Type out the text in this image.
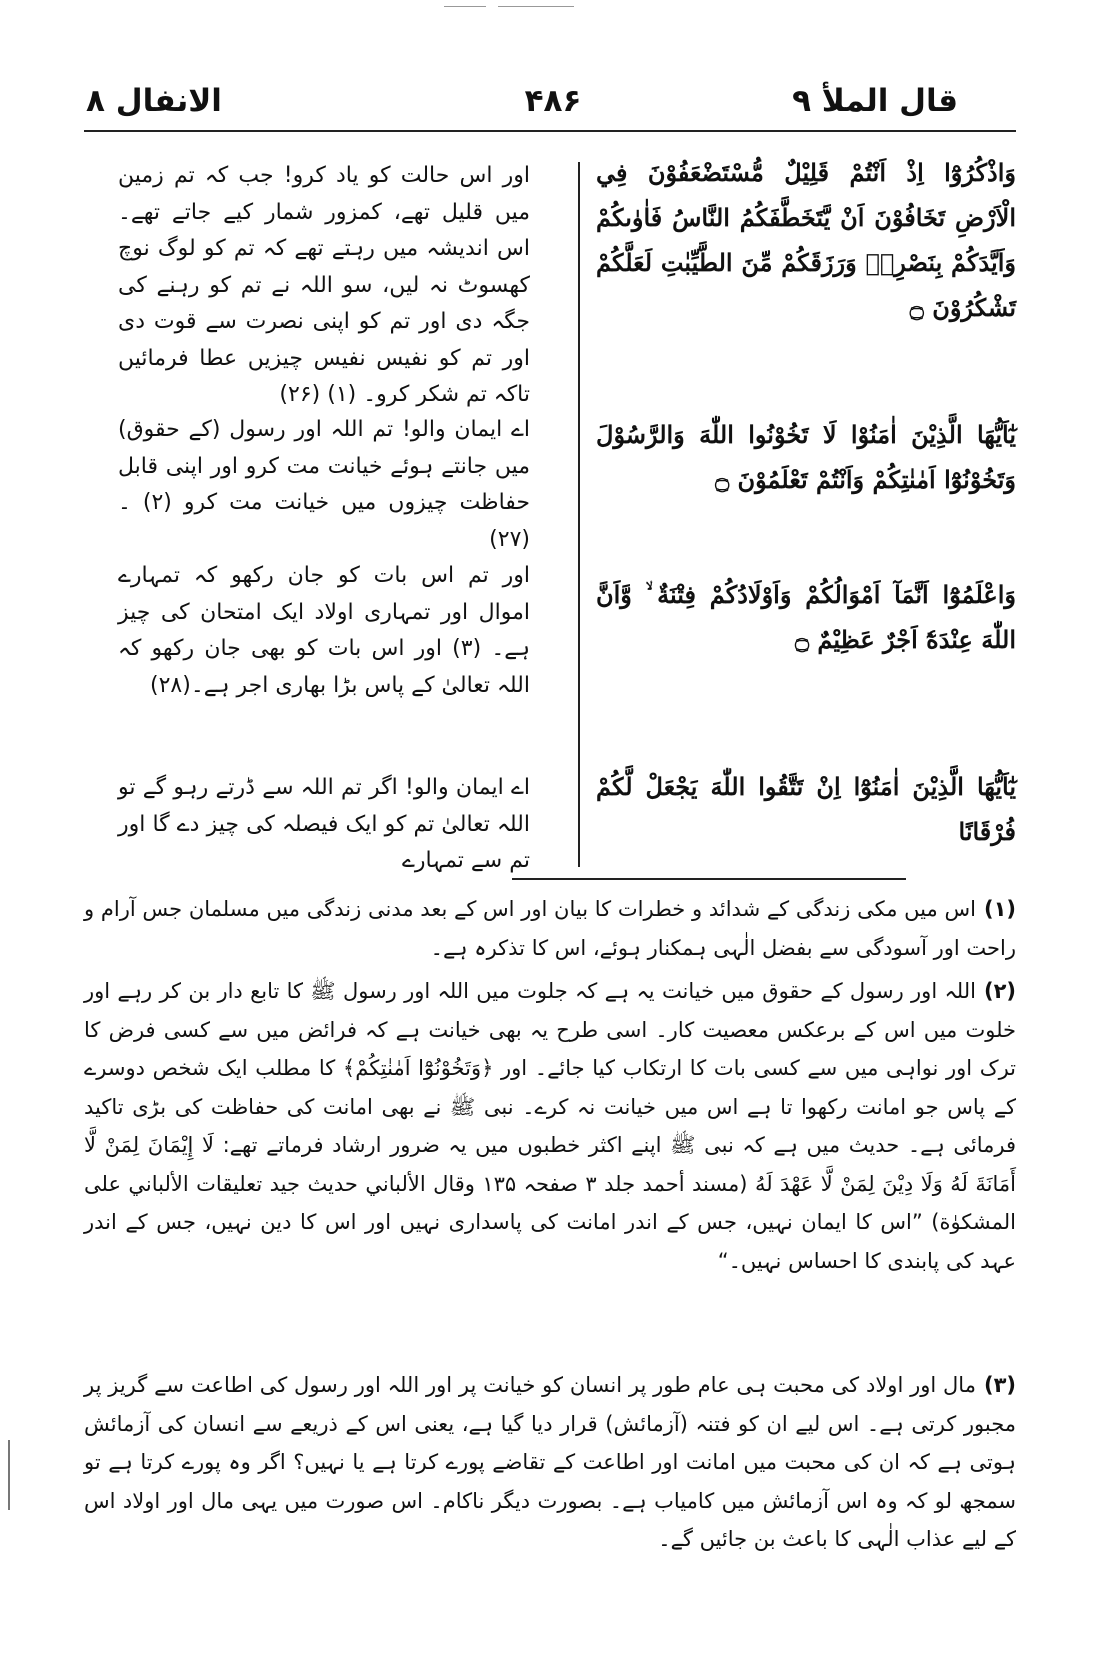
الانفال ۸	۴۸۶	قال الملأ ۹
وَاذْكُرُوْٓا اِذْ اَنْتُمْ قَلِيْلٌ مُّسْتَضْعَفُوْنَ فِي الْاَرْضِ تَخَافُوْنَ اَنْ يَّتَخَطَّفَكُمُ النَّاسُ فَاٰوٰىكُمْ وَاَيَّدَكُمْ بِنَصْرِهٖ وَرَزَقَكُمْ مِّنَ الطَّيِّبٰتِ لَعَلَّكُمْ تَشْكُرُوْنَ ۝
اور اس حالت کو یاد کرو! جب کہ تم زمین میں قلیل تھے، کمزور شمار کیے جاتے تھے۔ اس اندیشہ میں رہتے تھے کہ تم کو لوگ نوچ کھسوٹ نہ لیں، سو اللہ نے تم کو رہنے کی جگہ دی اور تم کو اپنی نصرت سے قوت دی اور تم کو نفیس نفیس چیزیں عطا فرمائیں تاکہ تم شکر کرو۔ (۱) (۲۶)
يٰٓاَيُّهَا الَّذِيْنَ اٰمَنُوْا لَا تَخُوْنُوا اللّٰهَ وَالرَّسُوْلَ وَتَخُوْنُوْٓا اَمٰنٰتِكُمْ وَاَنْتُمْ تَعْلَمُوْنَ ۝
اے ایمان والو! تم اللہ اور رسول (کے حقوق) میں جانتے ہوئے خیانت مت کرو اور اپنی قابل حفاظت چیزوں میں خیانت مت کرو (۲) ۔(۲۷)
وَاعْلَمُوْٓا اَنَّمَآ اَمْوَالُكُمْ وَاَوْلَادُكُمْ فِتْنَةٌ ۙ وَّاَنَّ اللّٰهَ عِنْدَهٗٓ اَجْرٌ عَظِيْمٌ ۝
اور تم اس بات کو جان رکھو کہ تمہارے اموال اور تمہاری اولاد ایک امتحان کی چیز ہے۔ (۳) اور اس بات کو بھی جان رکھو کہ اللہ تعالیٰ کے پاس بڑا بھاری اجر ہے۔(۲۸)
يٰٓاَيُّهَا الَّذِيْنَ اٰمَنُوْٓا اِنْ تَتَّقُوا اللّٰهَ يَجْعَلْ لَّكُمْ فُرْقَانًا
اے ایمان والو! اگر تم اللہ سے ڈرتے رہو گے تو اللہ تعالیٰ تم کو ایک فیصلہ کی چیز دے گا اور تم سے تمہارے
(۱)اس میں مکی زندگی کے شدائد و خطرات کا بیان اور اس کے بعد مدنی زندگی میں مسلمان جس آرام و راحت اور آسودگی سے بفضل الٰہی ہمکنار ہوئے، اس کا تذکرہ ہے۔
(۲)اللہ اور رسول کے حقوق میں خیانت یہ ہے کہ جلوت میں اللہ اور رسول ﷺ کا تابع دار بن کر رہے اور خلوت میں اس کے برعکس معصیت کار۔ اسی طرح یہ بھی خیانت ہے کہ فرائض میں سے کسی فرض کا ترک اور نواہی میں سے کسی بات کا ارتکاب کیا جائے۔ اور ﴿وَتَخُوْنُوْٓا اَمٰنٰتِكُمْ﴾ کا مطلب ایک شخص دوسرے کے پاس جو امانت رکھوا تا ہے اس میں خیانت نہ کرے۔ نبی ﷺ نے بھی امانت کی حفاظت کی بڑی تاکید فرمائی ہے۔ حدیث میں ہے کہ نبی ﷺ اپنے اکثر خطبوں میں یہ ضرور ارشاد فرماتے تھے: لَا إِيْمَانَ لِمَنْ لَّا أَمَانَةَ لَهُ وَلَا دِيْنَ لِمَنْ لَّا عَهْدَ لَهُ (مسند أحمد جلد ۳ صفحہ ۱۳۵ وقال الألباني حديث جيد تعليقات الألباني على المشكوٰة) ”اس کا ایمان نہیں، جس کے اندر امانت کی پاسداری نہیں اور اس کا دین نہیں، جس کے اندر عہد کی پابندی کا احساس نہیں۔“
(۳)مال اور اولاد کی محبت ہی عام طور پر انسان کو خیانت پر اور اللہ اور رسول کی اطاعت سے گریز پر مجبور کرتی ہے۔ اس لیے ان کو فتنہ (آزمائش) قرار دیا گیا ہے، یعنی اس کے ذریعے سے انسان کی آزمائش ہوتی ہے کہ ان کی محبت میں امانت اور اطاعت کے تقاضے پورے کرتا ہے یا نہیں؟ اگر وہ پورے کرتا ہے تو سمجھ لو کہ وہ اس آزمائش میں کامیاب ہے۔ بصورت دیگر ناکام۔ اس صورت میں یہی مال اور اولاد اس کے لیے عذاب الٰہی کا باعث بن جائیں گے۔
